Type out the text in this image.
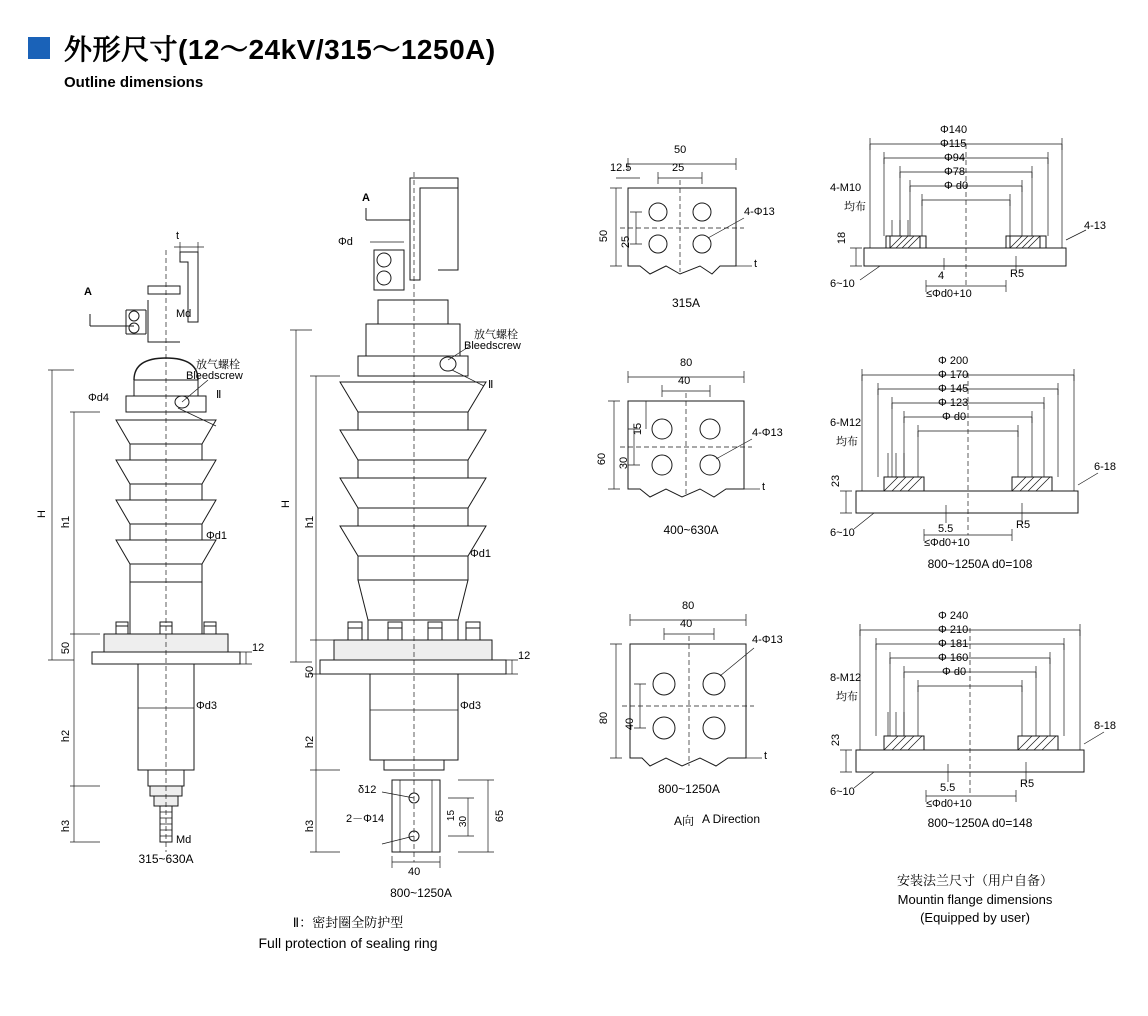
外形尺寸(12～24kV/315～1250A)
Outline dimensions
t
A
Md
放气螺栓
Bleedscrew
Ⅱ
Φd4
H
h1
Φd1
50	12
h2
Φd3
h3
Md
315~630A
A
Φd
放气螺栓
Bleedscrew
Ⅱ
H
h1
Φd1
50
12
h2
Φd3
h3
δ12
2－Φ14	15
30 65
40
800~1250A
Ⅱ：密封圈全防护型
Full protection of sealing ring
50
25
12.5
50 25
4-Φ13
t
315A
80
40
60 30
15	4-Φ13
t
400~630A
80
40
80 40
4-Φ13
t
800~1250A
A向 A Direction
Φ140
Φ115
Φ94
Φ78
Φ d0
4-M10
均布
4-13
18
6~10
4	R5
≤Φd0+10
Φ 200
Φ 170
Φ 145
Φ 123
Φ d0
6-M12
均布
6-18
23
6~10	5.5	R5
≤Φd0+10
800~1250A d0=108
Φ 240
Φ 210
Φ 181
Φ 160
Φ d0
8-M12
均布
8-18
23
6~10	5.5	R5
≤Φd0+10
800~1250A d0=148
安装法兰尺寸（用户自备）
Mountin flange dimensions
(Equipped by user)
